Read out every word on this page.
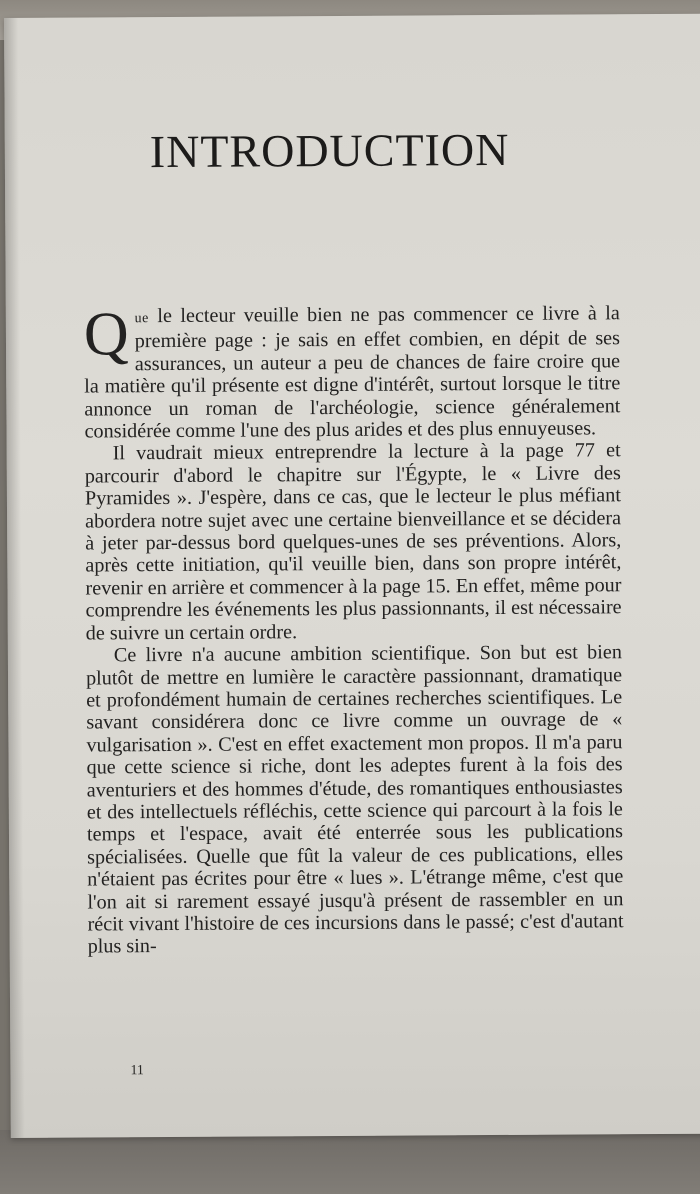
INTRODUCTION

Que le lecteur veuille bien ne pas commencer ce livre à la première page : je sais en effet combien, en dépit de ses assurances, un auteur a peu de chances de faire croire que la matière qu'il présente est digne d'intérêt, surtout lorsque le titre annonce un roman de l'archéologie, science généralement considérée comme l'une des plus arides et des plus ennuyeuses.

Il vaudrait mieux entreprendre la lecture à la page 77 et parcourir d'abord le chapitre sur l'Égypte, le « Livre des Pyramides ». J'espère, dans ce cas, que le lecteur le plus méfiant abordera notre sujet avec une certaine bienveillance et se décidera à jeter par-dessus bord quelques-unes de ses préventions. Alors, après cette initiation, qu'il veuille bien, dans son propre intérêt, revenir en arrière et commencer à la page 15. En effet, même pour comprendre les événements les plus passionnants, il est nécessaire de suivre un certain ordre.

Ce livre n'a aucune ambition scientifique. Son but est bien plutôt de mettre en lumière le caractère passionnant, dramatique et profondément humain de certaines recherches scientifiques. Le savant considérera donc ce livre comme un ouvrage de « vulgarisation ». C'est en effet exactement mon propos. Il m'a paru que cette science si riche, dont les adeptes furent à la fois des aventuriers et des hommes d'étude, des romantiques enthousiastes et des intellectuels réfléchis, cette science qui parcourt à la fois le temps et l'espace, avait été enterrée sous les publications spécialisées. Quelle que fût la valeur de ces publications, elles n'étaient pas écrites pour être « lues ». L'étrange même, c'est que l'on ait si rarement essayé jusqu'à présent de rassembler en un récit vivant l'histoire de ces incursions dans le passé; c'est d'autant plus sin-

11
